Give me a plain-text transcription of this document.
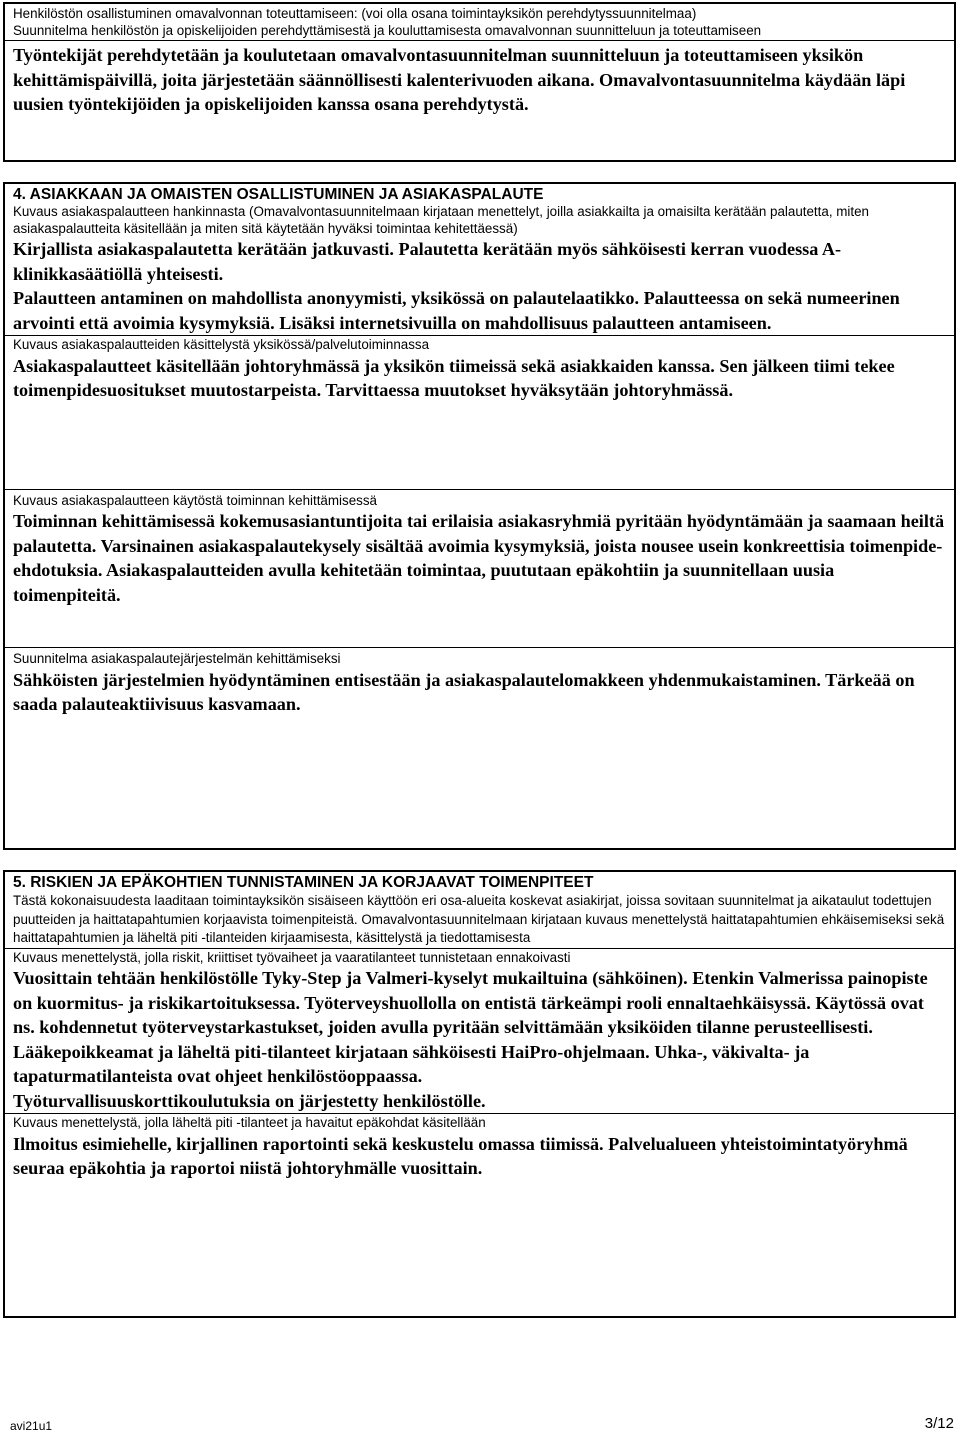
Henkilöstön osallistuminen omavalvonnan toteuttamiseen: (voi olla osana toimintayksikön perehdytyssuunnitelmaa)
Suunnitelma henkilöstön ja opiskelijoiden perehdyttämisestä ja kouluttamisesta omavalvonnan suunnitteluun ja toteuttamiseen
Työntekijät perehdytetään ja koulutetaan omavalvontasuunnitelman suunnitteluun ja toteuttamiseen yksikön kehittämispäivillä, joita järjestetään säännöllisesti kalenterivuoden aikana. Omavalvontasuunnitelma käydään läpi uusien työntekijöiden ja opiskelijoiden kanssa osana perehdytystä.
4. ASIAKKAAN JA OMAISTEN OSALLISTUMINEN JA ASIAKASPALAUTE
Kuvaus asiakaspalautteen hankinnasta (Omavalvontasuunnitelmaan kirjataan menettelyt, joilla asiakkailta ja omaisilta kerätään palautetta, miten asiakaspalautteita käsitellään ja miten sitä käytetään hyväksi toimintaa kehitettäessä)
Kirjallista asiakaspalautetta kerätään jatkuvasti. Palautetta kerätään myös sähköisesti kerran vuodessa A-klinikkasäätiöllä yhteisesti.
Palautteen antaminen on mahdollista anonyymisti, yksikössä on palautelaatikko. Palautteessa on sekä numeerinen arvointi että avoimia kysymyksiä. Lisäksi internetsivuilla on mahdollisuus palautteen antamiseen.
Kuvaus asiakaspalautteiden käsittelystä yksikössä/palvelutoiminnassa
Asiakaspalautteet käsitellään johtoryhmässä ja yksikön tiimeissä sekä asiakkaiden kanssa. Sen jälkeen tiimi tekee toimenpidesuositukset muutostarpeista. Tarvittaessa muutokset hyväksytään johtoryhmässä.
Kuvaus asiakaspalautteen käytöstä toiminnan kehittämisessä
Toiminnan kehittämisessä kokemusasiantuntijoita tai erilaisia asiakasryhmiä pyritään hyödyntämään ja saamaan heiltä palautetta. Varsinainen asiakaspalautekysely sisältää avoimia kysymyksiä, joista nousee usein konkreettisia toimenpide-ehdotuksia. Asiakaspalautteiden avulla kehitetään toimintaa, puututaan epäkohtiin ja suunnitellaan uusia toimenpiteitä.
Suunnitelma asiakaspalautejärjestelmän kehittämiseksi
Sähköisten järjestelmien hyödyntäminen entisestään ja asiakaspalautelomakkeen yhdenmukaistaminen. Tärkeää on saada palauteaktiivisuus kasvamaan.
5. RISKIEN JA EPÄKOHTIEN TUNNISTAMINEN JA KORJAAVAT TOIMENPITEET
Tästä kokonaisuudesta laaditaan toimintayksikön sisäiseen käyttöön eri osa-alueita koskevat asiakirjat, joissa sovitaan suunnitelmat ja aikataulut todettujen puutteiden ja haittatapahtumien korjaavista toimenpiteistä. Omavalvontasuunnitelmaan kirjataan kuvaus menettelystä haittatapahtumien ehkäisemiseksi sekä haittatapahtumien ja läheltä piti -tilanteiden kirjaamisesta, käsittelystä ja tiedottamisesta
Kuvaus menettelystä, jolla riskit, kriittiset työvaiheet ja vaaratilanteet tunnistetaan ennakoivasti
Vuosittain tehtään henkilöstölle Tyky-Step ja Valmeri-kyselyt mukailtuina (sähköinen). Etenkin Valmerissa painopiste on kuormitus- ja riskikartoituksessa. Työterveyshuollolla on entistä tärkeämpi rooli ennaltaehkäisyssä. Käytössä ovat ns. kohdennetut työterveystarkastukset, joiden avulla pyritään selvittämään yksiköiden tilanne perusteellisesti.
Lääkepoikkeamat ja läheltä piti-tilanteet kirjataan sähköisesti HaiPro-ohjelmaan. Uhka-, väkivalta- ja tapaturmatilanteista ovat ohjeet henkilöstöoppaassa.
Työturvallisuuskorttikoulutuksia on järjestetty henkilöstölle.
Kuvaus menettelystä, jolla läheltä piti -tilanteet ja havaitut epäkohdat käsitellään
Ilmoitus esimiehelle, kirjallinen raportointi sekä keskustelu omassa tiimissä. Palvelualueen yhteistoimintatyöryhmä seuraa epäkohtia ja raportoi niistä johtoryhmälle vuosittain.
avi21u1	3/12
